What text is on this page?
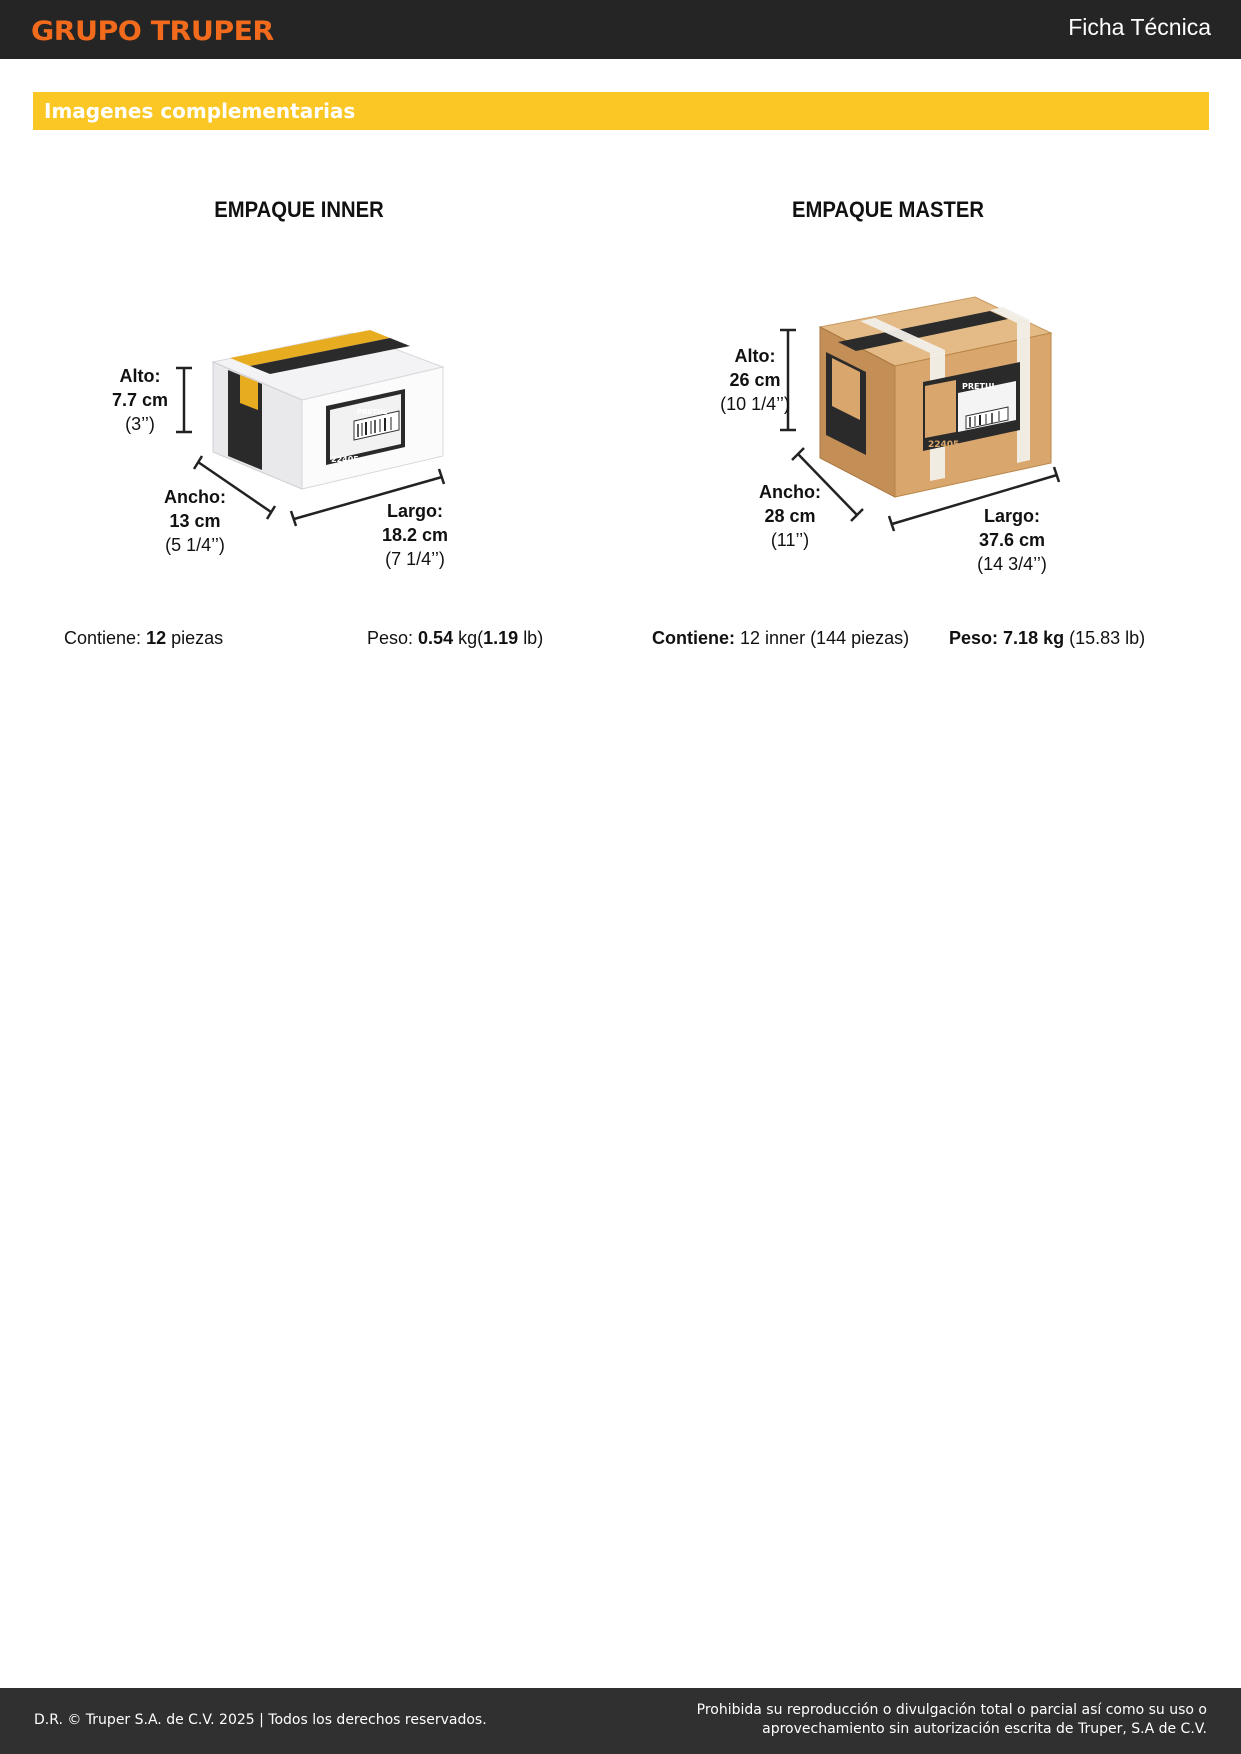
GRUPO TRUPER	Ficha Técnica
Imagenes complementarias
EMPAQUE INNER	EMPAQUE MASTER
PRETUL
22405
PRETUL
22405
Alto:
7.7 cm
(3’’)
Ancho:
13 cm
(5 1/4’’)
Largo:
18.2 cm
(7 1/4’’)
Alto:
26 cm
(10 1/4’’)
Ancho:
28 cm
(11’’)
Largo:
37.6 cm
(14 3/4’’)
Contiene: 12 piezas	Peso: 0.54 kg(1.19 lb)	Contiene: 12 inner (144 piezas) Peso: 7.18 kg (15.83 lb)
D.R. © Truper S.A. de C.V. 2025 | Todos los derechos reservados.
Prohibida su reproducción o divulgación total o parcial así como su uso o
aprovechamiento sin autorización escrita de Truper, S.A de C.V.
